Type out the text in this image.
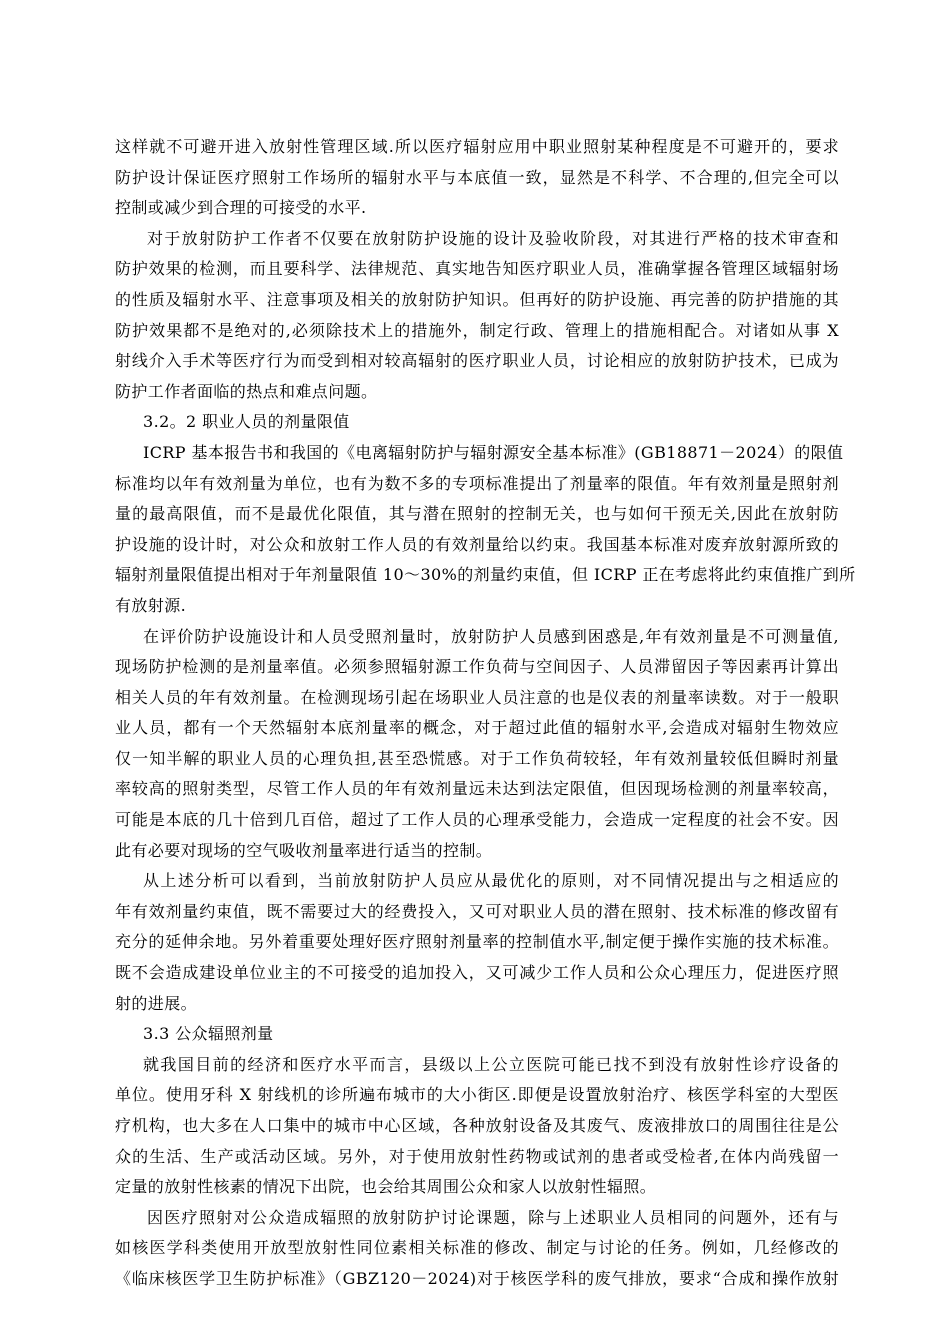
这样就不可避开进入放射性管理区域.所以医疗辐射应用中职业照射某种程度是不可避开的，要求
防护设计保证医疗照射工作场所的辐射水平与本底值一致，显然是不科学、不合理的,但完全可以
控制或减少到合理的可接受的水平.
对于放射防护工作者不仅要在放射防护设施的设计及验收阶段，对其进行严格的技术审查和
防护效果的检测，而且要科学、法律规范、真实地告知医疗职业人员，准确掌握各管理区域辐射场
的性质及辐射水平、注意事项及相关的放射防护知识。但再好的防护设施、再完善的防护措施的其
防护效果都不是绝对的,必须除技术上的措施外，制定行政、管理上的措施相配合。对诸如从事 X
射线介入手术等医疗行为而受到相对较高辐射的医疗职业人员，讨论相应的放射防护技术，已成为
防护工作者面临的热点和难点问题。
3.2。2 职业人员的剂量限值
ICRP 基本报告书和我国的《电离辐射防护与辐射源安全基本标准》(GB18871－2024）的限值
标准均以年有效剂量为单位，也有为数不多的专项标准提出了剂量率的限值。年有效剂量是照射剂
量的最高限值，而不是最优化限值，其与潜在照射的控制无关，也与如何干预无关,因此在放射防
护设施的设计时，对公众和放射工作人员的有效剂量给以约束。我国基本标准对废弃放射源所致的
辐射剂量限值提出相对于年剂量限值 10～30%的剂量约束值，但 ICRP 正在考虑将此约束值推广到所
有放射源.
在评价防护设施设计和人员受照剂量时，放射防护人员感到困惑是,年有效剂量是不可测量值,
现场防护检测的是剂量率值。必须参照辐射源工作负荷与空间因子、人员滞留因子等因素再计算出
相关人员的年有效剂量。在检测现场引起在场职业人员注意的也是仪表的剂量率读数。对于一般职
业人员，都有一个天然辐射本底剂量率的概念，对于超过此值的辐射水平,会造成对辐射生物效应
仅一知半解的职业人员的心理负担,甚至恐慌感。对于工作负荷较轻，年有效剂量较低但瞬时剂量
率较高的照射类型，尽管工作人员的年有效剂量远未达到法定限值，但因现场检测的剂量率较高，
可能是本底的几十倍到几百倍，超过了工作人员的心理承受能力，会造成一定程度的社会不安。因
此有必要对现场的空气吸收剂量率进行适当的控制。
从上述分析可以看到，当前放射防护人员应从最优化的原则，对不同情况提出与之相适应的
年有效剂量约束值，既不需要过大的经费投入，又可对职业人员的潜在照射、技术标准的修改留有
充分的延伸余地。另外着重要处理好医疗照射剂量率的控制值水平,制定便于操作实施的技术标准。
既不会造成建设单位业主的不可接受的追加投入，又可减少工作人员和公众心理压力，促进医疗照
射的进展。
3.3 公众辐照剂量
就我国目前的经济和医疗水平而言，县级以上公立医院可能已找不到没有放射性诊疗设备的
单位。使用牙科 X 射线机的诊所遍布城市的大小街区.即便是设置放射治疗、核医学科室的大型医
疗机构，也大多在人口集中的城市中心区域，各种放射设备及其废气、废液排放口的周围往往是公
众的生活、生产或活动区域。另外，对于使用放射性药物或试剂的患者或受检者,在体内尚残留一
定量的放射性核素的情况下出院，也会给其周围公众和家人以放射性辐照。
因医疗照射对公众造成辐照的放射防护讨论课题，除与上述职业人员相同的问题外，还有与
如核医学科类使用开放型放射性同位素相关标准的修改、制定与讨论的任务。例如，几经修改的
《临床核医学卫生防护标准》（GBZ120－2024)对于核医学科的废气排放，要求“合成和操作放射
